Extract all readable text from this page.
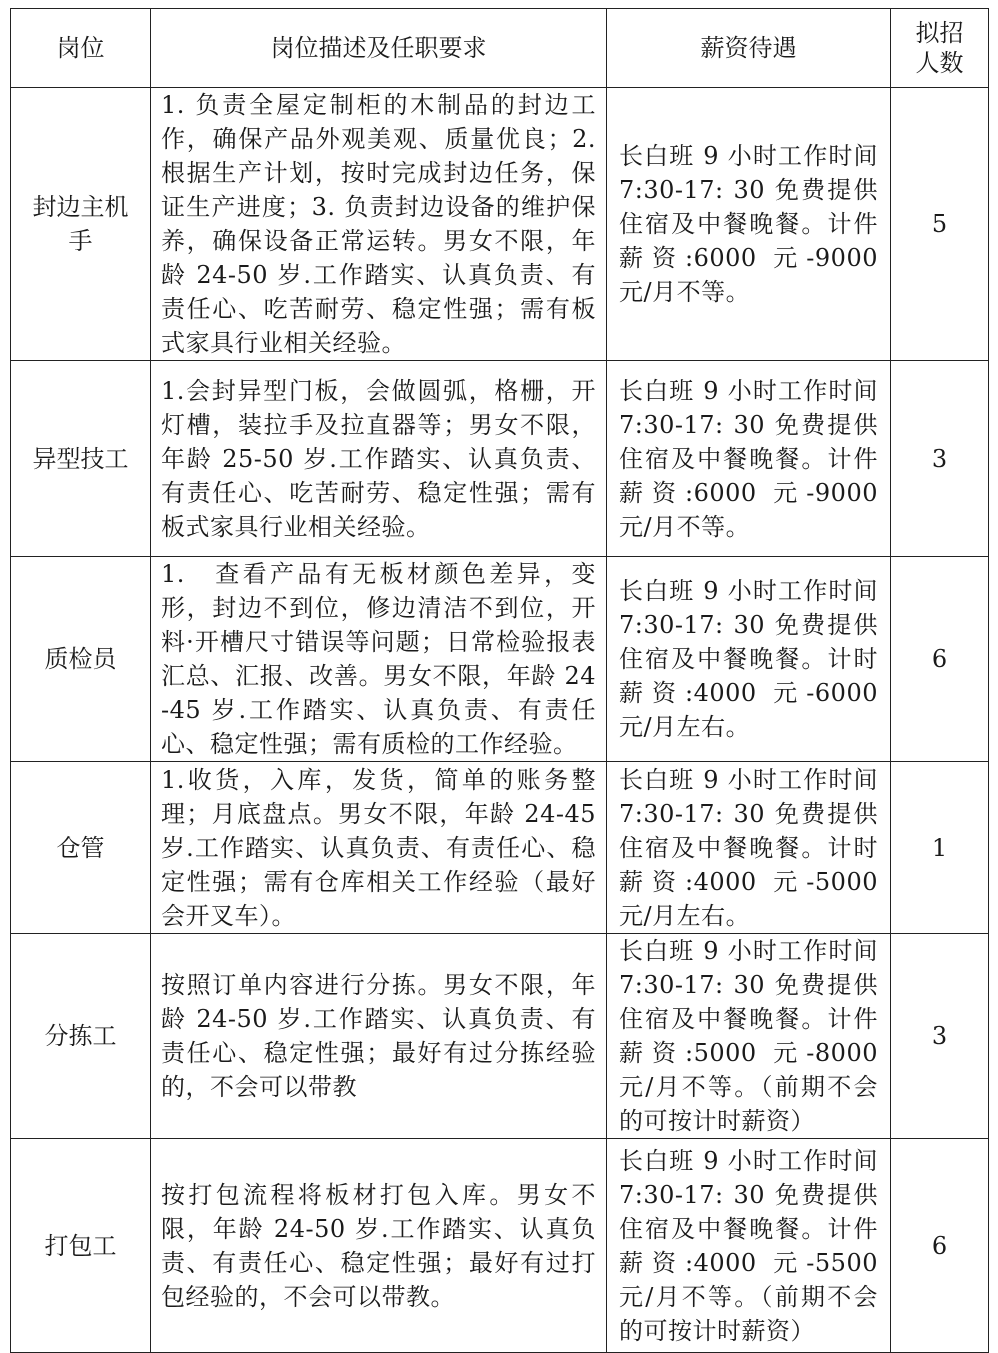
岗位	岗位描述及任职要求	薪资待遇	拟招人数

封边主机手	1. 负责全屋定制柜的木制品的封边工作，确保产品外观美观、质量优良；2. 根据生产计划，按时完成封边任务，保证生产进度；3. 负责封边设备的维护保养，确保设备正常运转。男女不限，年龄 24-50 岁.工作踏实、认真负责、有责任心、吃苦耐劳、稳定性强；需有板式家具行业相关经验。	长白班 9 小时工作时间 7:30-17: 30 免费提供住宿及中餐晚餐。计件薪资:6000 元-9000 元/月不等。	5

异型技工	1.会封异型门板，会做圆弧，格栅，开灯槽，装拉手及拉直器等；男女不限，年龄 25-50 岁.工作踏实、认真负责、有责任心、吃苦耐劳、稳定性强；需有板式家具行业相关经验。	长白班 9 小时工作时间 7:30-17: 30 免费提供住宿及中餐晚餐。计件薪资:6000 元-9000 元/月不等。	3

质检员	1.　查看产品有无板材颜色差异，变形，封边不到位，修边清洁不到位，开料·开槽尺寸错误等问题；日常检验报表汇总、汇报、改善。男女不限，年龄 24-45 岁.工作踏实、认真负责、有责任心、稳定性强；需有质检的工作经验。	长白班 9 小时工作时间 7:30-17: 30 免费提供住宿及中餐晚餐。计时薪资:4000 元-6000 元/月左右。	6

仓管	1.收货，入库，发货，简单的账务整理；月底盘点。男女不限，年龄 24-45 岁.工作踏实、认真负责、有责任心、稳定性强；需有仓库相关工作经验（最好会开叉车）。	长白班 9 小时工作时间 7:30-17: 30 免费提供住宿及中餐晚餐。计时薪资:4000 元-5000 元/月左右。	1

分拣工	按照订单内容进行分拣。男女不限，年龄 24-50 岁.工作踏实、认真负责、有责任心、稳定性强；最好有过分拣经验的，不会可以带教	长白班 9 小时工作时间 7:30-17: 30 免费提供住宿及中餐晚餐。计件薪资:5000 元-8000 元/月不等。（前期不会的可按计时薪资）	3

打包工	按打包流程将板材打包入库。男女不限，年龄 24-50 岁.工作踏实、认真负责、有责任心、稳定性强；最好有过打包经验的，不会可以带教。	长白班 9 小时工作时间 7:30-17: 30 免费提供住宿及中餐晚餐。计件薪资:4000 元-5500 元/月不等。（前期不会的可按计时薪资）	6
